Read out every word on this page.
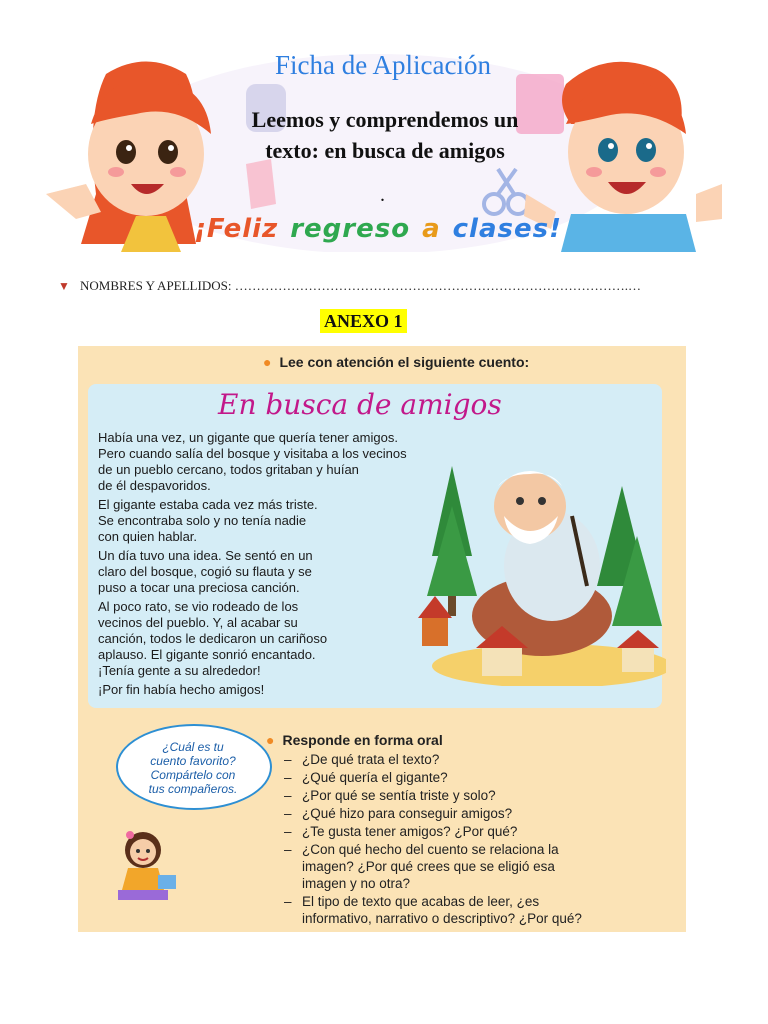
Ficha de Aplicación
Leemos y comprendemos un
texto: en busca de amigos
.
¡Feliz regreso a clases!
▼ NOMBRES Y APELLIDOS: ……………………………………………………………………………….…
ANEXO 1
● Lee con atención el siguiente cuento:
En busca de amigos
Había una vez, un gigante que quería tener amigos.
Pero cuando salía del bosque y visitaba a los vecinos
de un pueblo cercano, todos gritaban y huían
de él despavoridos.
El gigante estaba cada vez más triste.
Se encontraba solo y no tenía nadie
con quien hablar.
Un día tuvo una idea. Se sentó en un
claro del bosque, cogió su flauta y se
puso a tocar una preciosa canción.
Al poco rato, se vio rodeado de los
vecinos del pueblo. Y, al acabar su
canción, todos le dedicaron un cariñoso
aplauso. El gigante sonrió encantado.
¡Tenía gente a su alrededor!
¡Por fin había hecho amigos!
¿Cuál es tu
cuento favorito?
Compártelo con
tus compañeros.
● Responde en forma oral
– ¿De qué trata el texto?
– ¿Qué quería el gigante?
– ¿Por qué se sentía triste y solo?
– ¿Qué hizo para conseguir amigos?
– ¿Te gusta tener amigos? ¿Por qué?
– ¿Con qué hecho del cuento se relaciona la
imagen? ¿Por qué crees que se eligió esa
imagen y no otra?
– El tipo de texto que acabas de leer, ¿es
informativo, narrativo o descriptivo? ¿Por qué?
